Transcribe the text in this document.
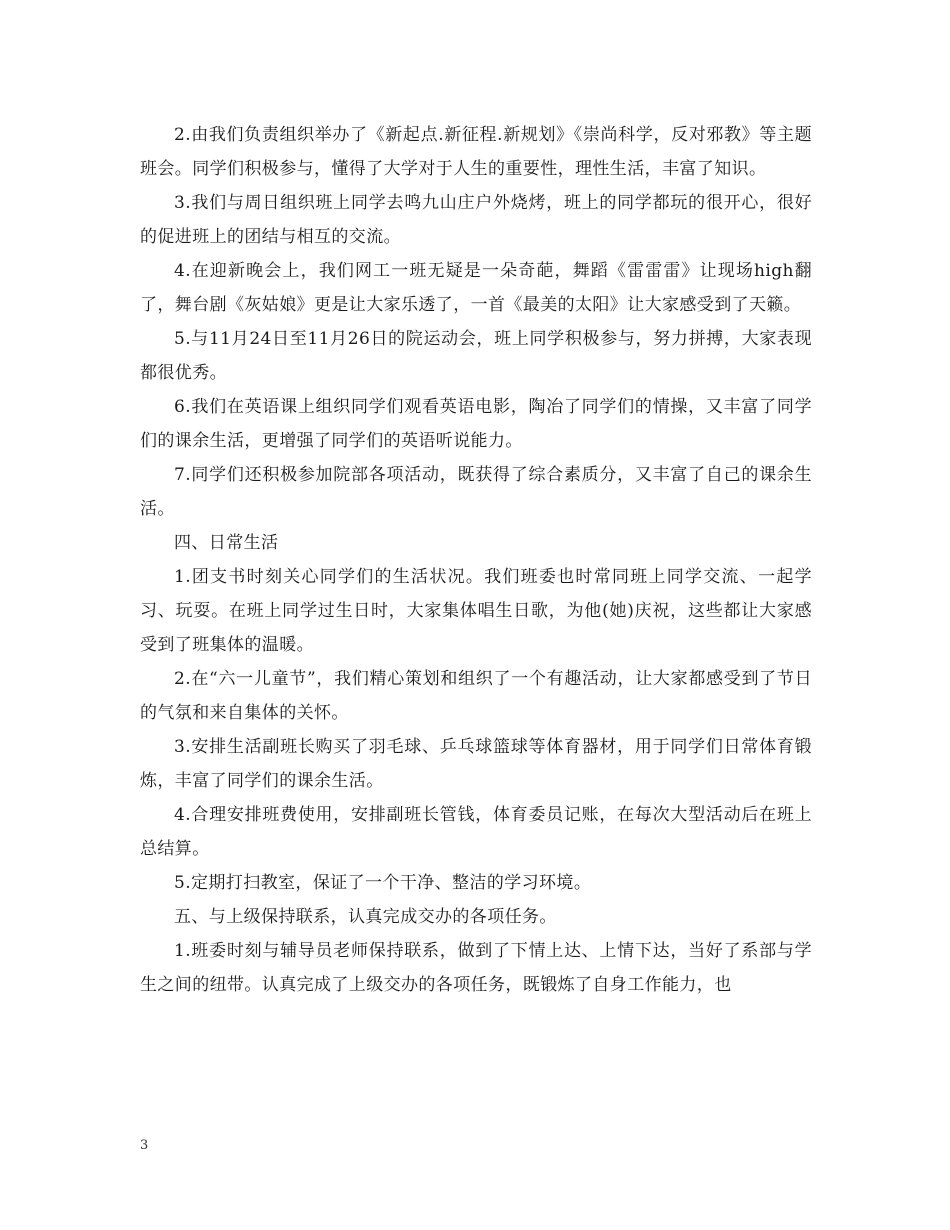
2.由我们负责组织举办了《新起点.新征程.新规划》《崇尚科学，反对邪教》等主题班会。同学们积极参与，懂得了大学对于人生的重要性，理性生活，丰富了知识。

3.我们与周日组织班上同学去鸣九山庄户外烧烤，班上的同学都玩的很开心，很好的促进班上的团结与相互的交流。

4.在迎新晚会上，我们网工一班无疑是一朵奇葩，舞蹈《雷雷雷》让现场high翻了，舞台剧《灰姑娘》更是让大家乐透了，一首《最美的太阳》让大家感受到了天籁。

5.与11月24日至11月26日的院运动会，班上同学积极参与，努力拼搏，大家表现都很优秀。

6.我们在英语课上组织同学们观看英语电影，陶冶了同学们的情操，又丰富了同学们的课余生活，更增强了同学们的英语听说能力。

7.同学们还积极参加院部各项活动，既获得了综合素质分，又丰富了自己的课余生活。

四、日常生活

1.团支书时刻关心同学们的生活状况。我们班委也时常同班上同学交流、一起学习、玩耍。在班上同学过生日时，大家集体唱生日歌，为他(她)庆祝，这些都让大家感受到了班集体的温暖。

2.在“六一儿童节”，我们精心策划和组织了一个有趣活动，让大家都感受到了节日的气氛和来自集体的关怀。

3.安排生活副班长购买了羽毛球、乒乓球篮球等体育器材，用于同学们日常体育锻炼，丰富了同学们的课余生活。

4.合理安排班费使用，安排副班长管钱，体育委员记账，在每次大型活动后在班上总结算。

5.定期打扫教室，保证了一个干净、整洁的学习环境。

五、与上级保持联系，认真完成交办的各项任务。

1.班委时刻与辅导员老师保持联系，做到了下情上达、上情下达，当好了系部与学生之间的纽带。认真完成了上级交办的各项任务，既锻炼了自身工作能力，也

3
